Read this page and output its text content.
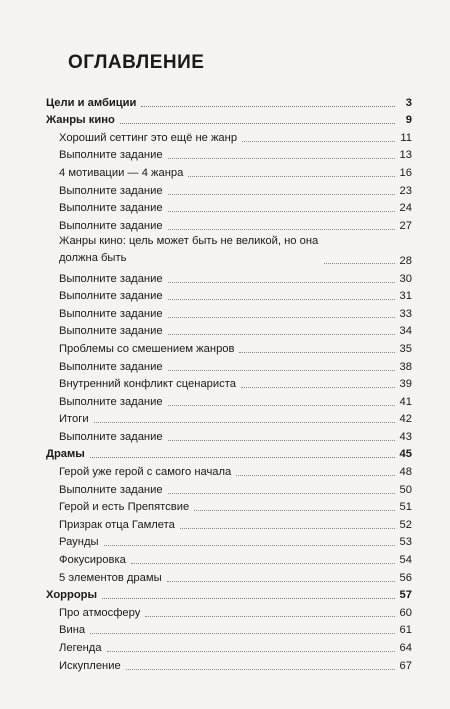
ОГЛАВЛЕНИЕ
Цели и амбиции	3
Жанры кино	9
Хороший сеттинг это ещё не жанр	11
Выполните задание	13
4 мотивации — 4 жанра	16
Выполните задание	23
Выполните задание	24
Выполните задание	27
Жанры кино: цель может быть не великой, но она должна быть	28
Выполните задание	30
Выполните задание	31
Выполните задание	33
Выполните задание	34
Проблемы со смешением жанров	35
Выполните задание	38
Внутренний конфликт сценариста	39
Выполните задание	41
Итоги	42
Выполните задание	43
Драмы	45
Герой уже герой с самого начала	48
Выполните задание	50
Герой и есть Препятсвие	51
Призрак отца Гамлета	52
Раунды	53
Фокусировка	54
5 элементов драмы	56
Хорроры	57
Про атмосферу	60
Вина	61
Легенда	64
Искупление	67
